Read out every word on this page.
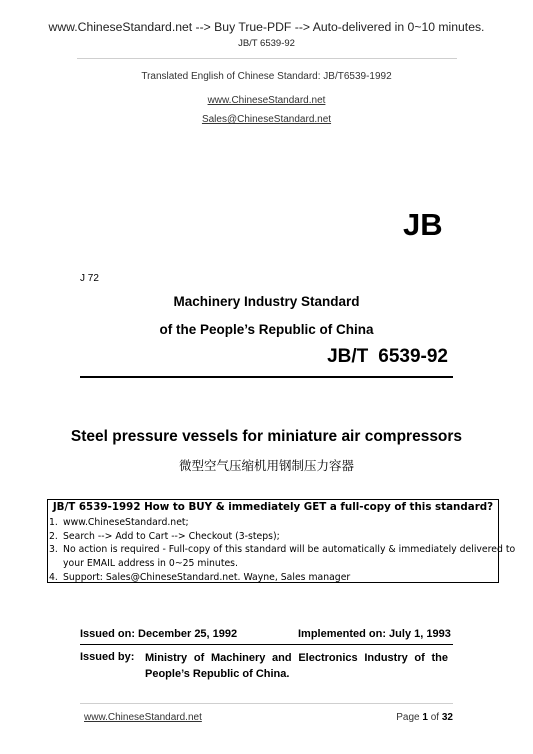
www.ChineseStandard.net --> Buy True-PDF --> Auto-delivered in 0~10 minutes.
JB/T 6539-92
Translated English of Chinese Standard: JB/T6539-1992
www.ChineseStandard.net
Sales@ChineseStandard.net
JB
J 72
Machinery Industry Standard
of the People’s Republic of China
JB/T 6539-92
Steel pressure vessels for miniature air compressors
微型空气压缩机用钢制压力容器
JB/T 6539-1992 How to BUY & immediately GET a full-copy of this standard?
1. www.ChineseStandard.net;
2. Search --> Add to Cart --> Checkout (3-steps);
3. No action is required - Full-copy of this standard will be automatically & immediately delivered to
your EMAIL address in 0~25 minutes.
4. Support: Sales@ChineseStandard.net. Wayne, Sales manager
Issued on: December 25, 1992	Implemented on: July 1, 1993
Issued by: Ministry of Machinery and Electronics Industry of the People’s Republic of China.
www.ChineseStandard.net	Page 1 of 32
